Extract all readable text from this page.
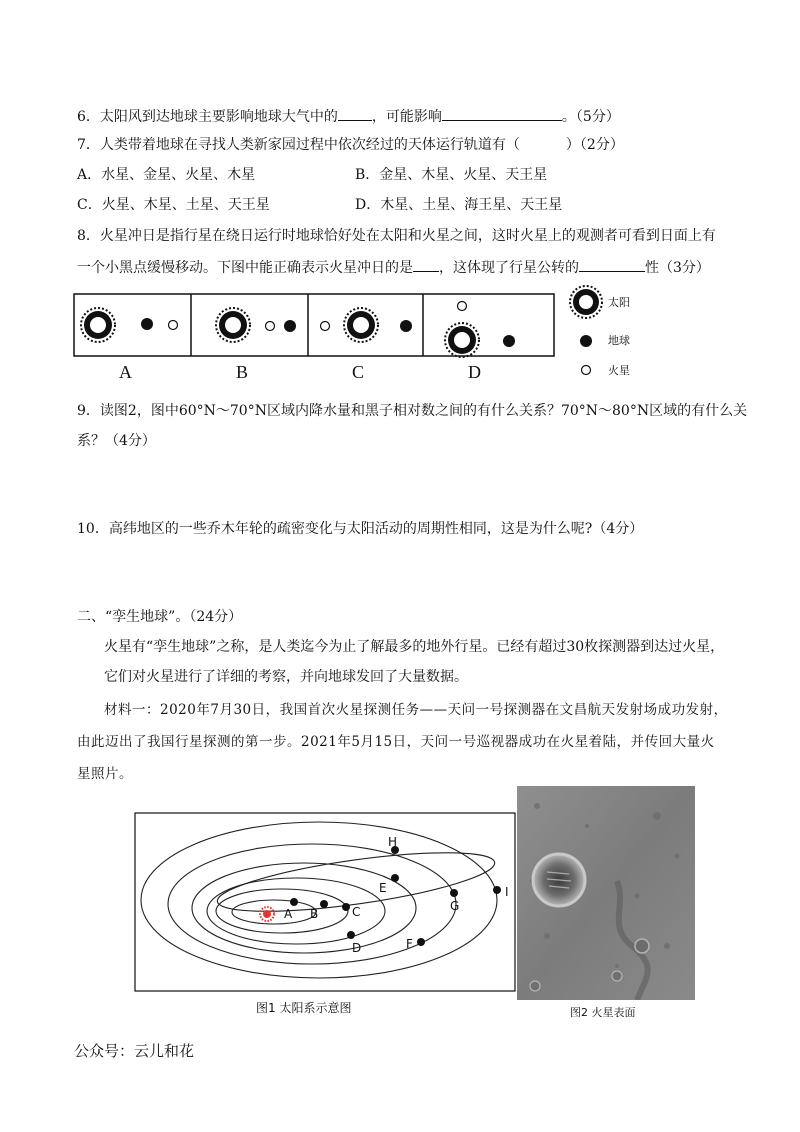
6．太阳风到达地球主要影响地球大气中的 ，可能影响	。（5分）
7．人类带着地球在寻找人类新家园过程中依次经过的天体运行轨道有（	）（2分）
A．水星、金星、火星、木星	B．金星、木星、火星、天王星
C．火星、木星、土星、天王星	D．木星、土星、海王星、天王星
8．火星冲日是指行星在绕日运行时地球恰好处在太阳和火星之间，这时火星上的观测者可看到日面上有
一个小黑点缓慢移动。下图中能正确表示火星冲日的是 ，这体现了行星公转的	性（3分）
A	B	C	D
太阳
地球
火星
9．读图2，图中60°N～70°N区域内降水量和黑子相对数之间的有什么关系？70°N～80°N区域的有什么关
系？（4分）
10．高纬地区的一些乔木年轮的疏密变化与太阳活动的周期性相同，这是为什么呢?（4分）
二、“孪生地球”。（24分）
火星有“孪生地球”之称，是人类迄今为止了解最多的地外行星。已经有超过30枚探测器到达过火星，
它们对火星进行了详细的考察，并向地球发回了大量数据。
材料一：2020年7月30日，我国首次火星探测任务——天问一号探测器在文昌航天发射场成功发射，
由此迈出了我国行星探测的第一步。2021年5月15日，天问一号巡视器成功在火星着陆，并传回大量火
星照片。
A B	C
D
E
F
G
H
I
图1 太阳系示意图	图2 火星表面
公众号：云儿和花
